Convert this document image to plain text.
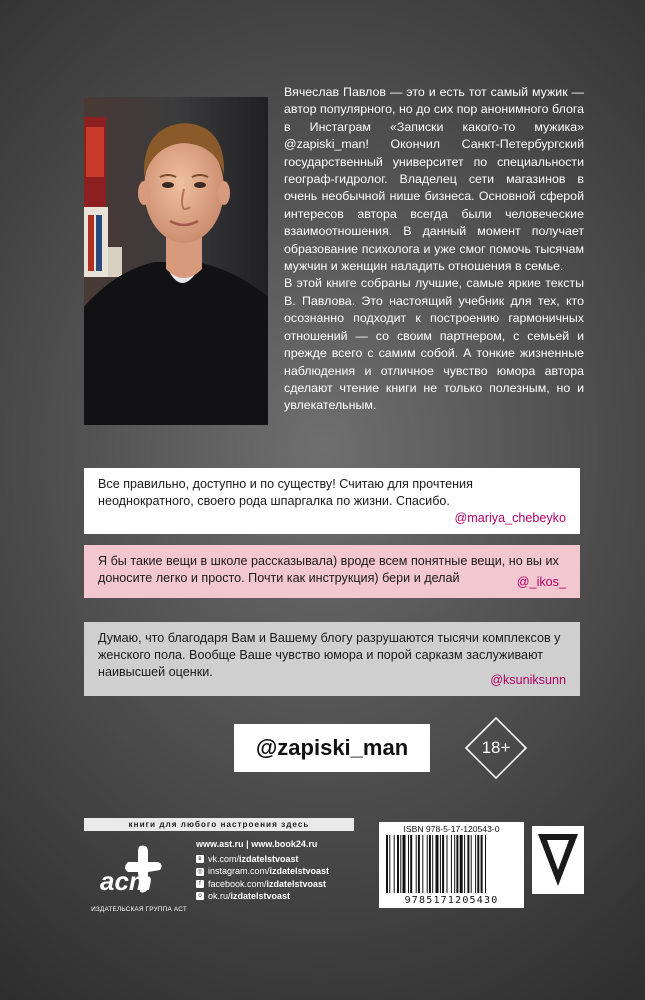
Вячеслав Павлов — это и есть тот самый мужик — автор популярного, но до сих пор анонимного блога в Инстаграм «Записки какого-то мужика» @zapiski_man! Окончил Санкт-Петербургский государственный университет по специальности географ-гидролог. Владелец сети магазинов в очень необычной нише бизнеса. Основной сферой интересов автора всегда были человеческие взаимоотношения. В данный момент получает образование психолога и уже смог помочь тысячам мужчин и женщин наладить отношения в семье.

В этой книге собраны лучшие, самые яркие тексты В. Павлова. Это настоящий учебник для тех, кто осознанно подходит к построению гармоничных отношений — со своим партнером, с семьей и прежде всего с самим собой. А тонкие жизненные наблюдения и отличное чувство юмора автора сделают чтение книги не только полезным, но и увлекательным.

Все правильно, доступно и по существу! Считаю для прочтения неоднократного, своего рода шпаргалка по жизни. Спасибо.
@mariya_chebeyko
Я бы такие вещи в школе рассказывала) вроде всем понятные вещи, но вы их доносите легко и просто. Почти как инструкция) бери и делай	@_ikos_
Думаю, что благодаря Вам и Вашему блогу разрушаются тысячи комплексов у женского пола. Вообще Ваше чувство юмора и порой сарказм заслуживают наивысшей оценки.
@ksuniksunn
@zapiski_man	18+
книги для любого настроения здесь
аст
ИЗДАТЕЛЬСКАЯ ГРУППА АСТ
www.ast.ru | www.book24.ru
в vk.com/ izdatelstvoast
◎ instagram.com/ izdatelstvoast
f facebook.com/ izdatelstvoast
о ok.ru/ izdatelstvoast
ISBN 978-5-17-120543-0
9785171205430
